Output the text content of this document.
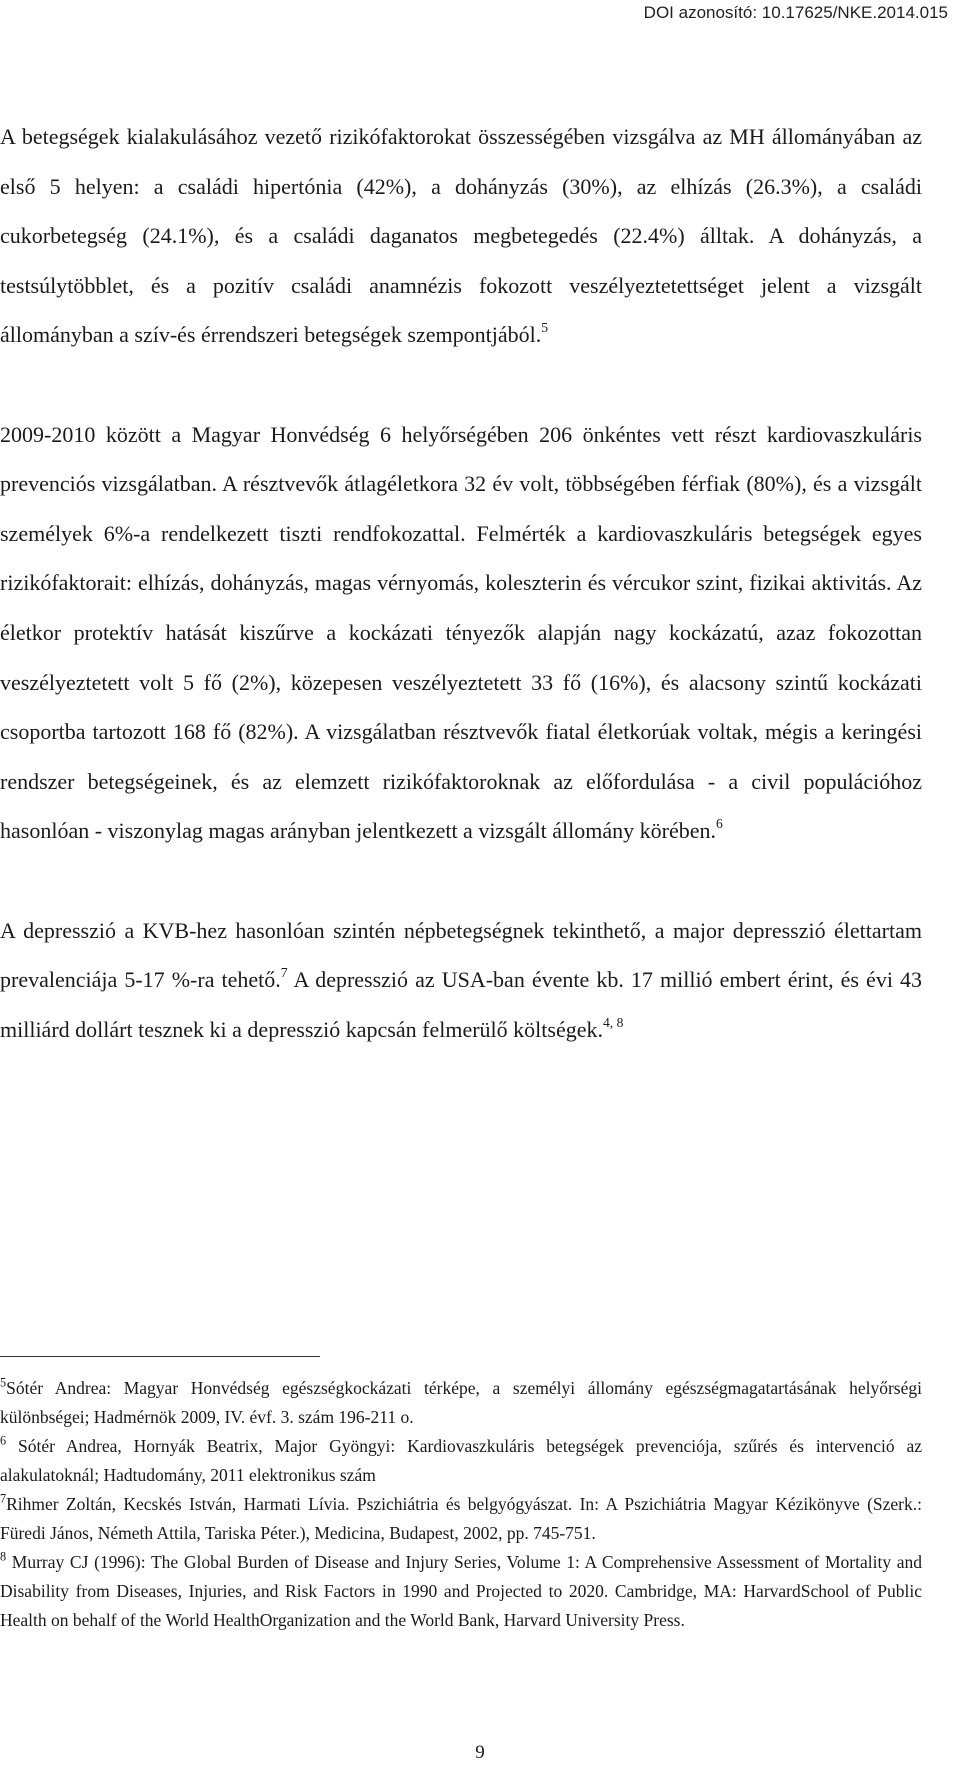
DOI azonosító: 10.17625/NKE.2014.015

A betegségek kialakulásához vezető rizikófaktorokat összességében vizsgálva az MH állományában az első 5 helyen: a családi hipertónia (42%), a dohányzás (30%), az elhízás (26.3%), a családi cukorbetegség (24.1%), és a családi daganatos megbetegedés (22.4%) álltak. A dohányzás, a testsúlytöbblet, és a pozitív családi anamnézis fokozott veszélyeztetettséget jelent a vizsgált állományban a szív-és érrendszeri betegségek szempontjából.$^5$

2009-2010 között a Magyar Honvédség 6 helyőrségében 206 önkéntes vett részt kardiovaszkuláris prevenciós vizsgálatban. A résztvevők átlagéletkora 32 év volt, többségében férfiak (80%), és a vizsgált személyek 6%-a rendelkezett tiszti rendfokozattal. Felmérték a kardiovaszkuláris betegségek egyes rizikófaktorait: elhízás, dohányzás, magas vérnyomás, koleszterin és vércukor szint, fizikai aktivitás. Az életkor protektív hatását kiszűrve a kockázati tényezők alapján nagy kockázatú, azaz fokozottan veszélyeztetett volt 5 fő (2%), közepesen veszélyeztetett 33 fő (16%), és alacsony szintű kockázati csoportba tartozott 168 fő (82%). A vizsgálatban résztvevők fiatal életkorúak voltak, mégis a keringési rendszer betegségeinek, és az elemzett rizikófaktoroknak az előfordulása - a civil populációhoz hasonlóan - viszonylag magas arányban jelentkezett a vizsgált állomány körében.$^6$

A depresszió a KVB-hez hasonlóan szintén népbetegségnek tekinthető, a major depresszió élettartam prevalenciája 5-17 %-ra tehető.$^7$ A depresszió az USA-ban évente kb. 17 millió embert érint, és évi 43 milliárd dollárt tesznek ki a depresszió kapcsán felmerülő költségek.$^{4, 8}$

$^5$Sótér Andrea: Magyar Honvédség egészségkockázati térképe, a személyi állomány egészségmagatartásának helyőrségi különbségei; Hadmérnök 2009, IV. évf. 3. szám 196-211 o.

$^6$ Sótér Andrea, Hornyák Beatrix, Major Gyöngyi: Kardiovaszkuláris betegségek prevenciója, szűrés és intervenció az alakulatoknál; Hadtudomány, 2011 elektronikus szám

$^7$Rihmer Zoltán, Kecskés István, Harmati Lívia. Pszichiátria és belgyógyászat. In: A Pszichiátria Magyar Kézikönyve (Szerk.: Füredi János, Németh Attila, Tariska Péter.), Medicina, Budapest, 2002, pp. 745-751.

$^8$ Murray CJ (1996): The Global Burden of Disease and Injury Series, Volume 1: A Comprehensive Assessment of Mortality and Disability from Diseases, Injuries, and Risk Factors in 1990 and Projected to 2020. Cambridge, MA: HarvardSchool of Public Health on behalf of the World HealthOrganization and the World Bank, Harvard University Press.

9
